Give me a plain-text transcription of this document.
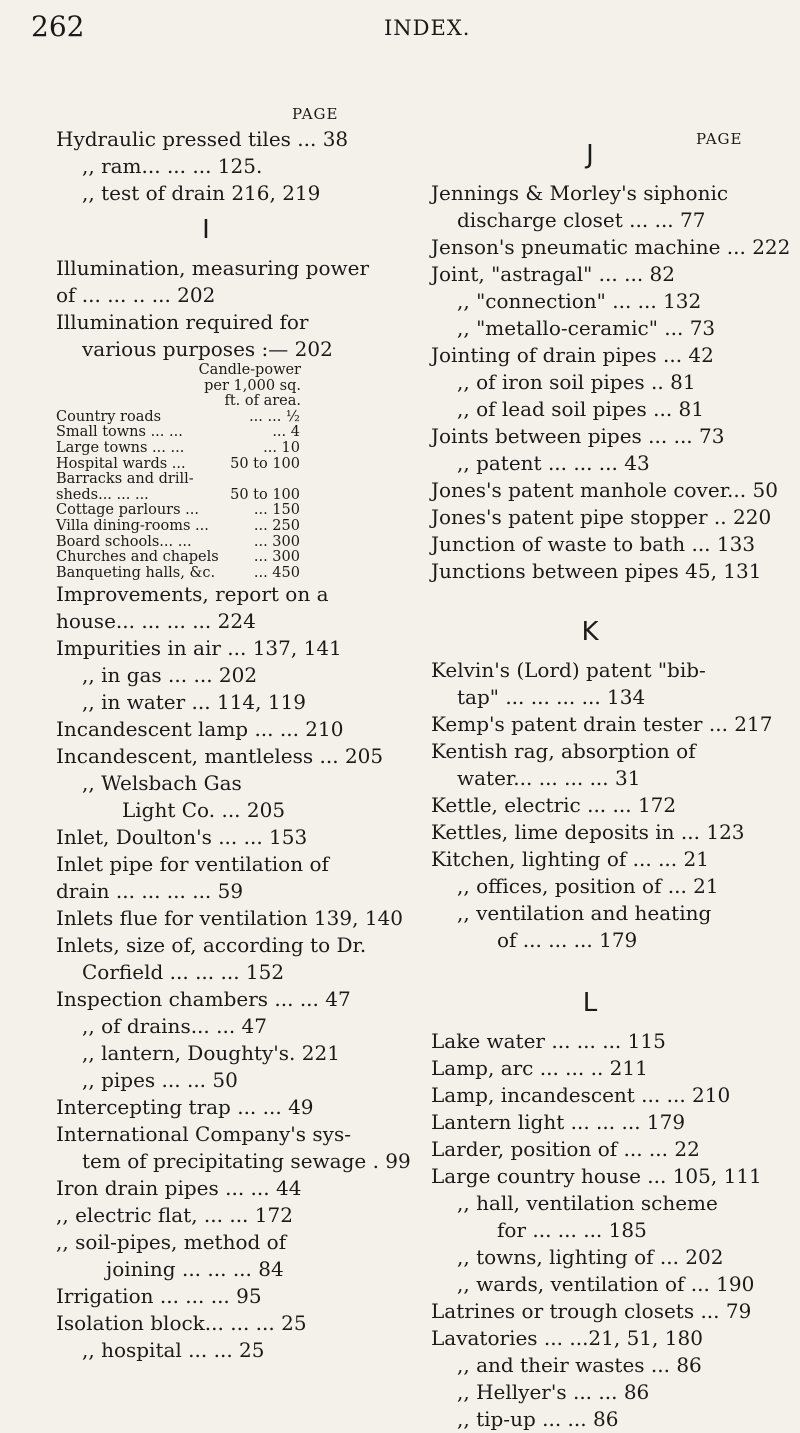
262	INDEX.
PAGE
PAGE
Hydraulic pressed tiles ... 38
,, ram... ... ... 125.
,, test of drain 216, 219
I
Illumination, measuring power
of ... ... .. ... 202
Illumination required for
various purposes :— 202
Candle-power
per 1,000 sq.
ft. of area.
Country roads	... ... ½
Small towns ... ...	... 4
Large towns ... ...	... 10
Hospital wards ...	50 to 100
Barracks and drill-
sheds... ... ...	50 to 100
Cottage parlours ...	... 150
Villa dining-rooms ...	... 250
Board schools... ...	... 300
Churches and chapels ... 300
Banqueting halls, &c.	... 450
Improvements, report on a
house... ... ... ... 224
Impurities in air ... 137, 141
,, in gas ... ... 202
,, in water ... 114, 119
Incandescent lamp ... ... 210
Incandescent, mantleless ... 205
,, Welsbach Gas
Light Co. ... 205
Inlet, Doulton's ... ... 153
Inlet pipe for ventilation of
drain ... ... ... ... 59
Inlets flue for ventilation 139, 140
Inlets, size of, according to Dr.
Corfield ... ... ... 152
Inspection chambers ... ... 47
,, of drains... ... 47
,, lantern, Doughty's. 221
,, pipes ... ... 50
Intercepting trap ... ... 49
International Company's sys-
tem of precipitating sewage . 99
Iron drain pipes ... ... 44
,, electric flat, ... ... 172
,, soil-pipes, method of
joining ... ... ... 84
Irrigation ... ... ... 95
Isolation block... ... ... 25
,, hospital ... ... 25
J
Jennings & Morley's siphonic
discharge closet ... ... 77
Jenson's pneumatic machine ... 222
Joint, "astragal" ... ... 82
,, "connection" ... ... 132
,, "metallo-ceramic" ... 73
Jointing of drain pipes ... 42
,, of iron soil pipes .. 81
,, of lead soil pipes ... 81
Joints between pipes ... ... 73
,, patent ... ... ... 43
Jones's patent manhole cover... 50
Jones's patent pipe stopper .. 220
Junction of waste to bath ... 133
Junctions between pipes 45, 131
K
Kelvin's (Lord) patent "bib-
tap" ... ... ... ... 134
Kemp's patent drain tester ... 217
Kentish rag, absorption of
water... ... ... ... 31
Kettle, electric ... ... 172
Kettles, lime deposits in ... 123
Kitchen, lighting of ... ... 21
,, offices, position of ... 21
,, ventilation and heating
of ... ... ... 179
L
Lake water ... ... ... 115
Lamp, arc ... ... .. 211
Lamp, incandescent ... ... 210
Lantern light ... ... ... 179
Larder, position of ... ... 22
Large country house ... 105, 111
,, hall, ventilation scheme
for ... ... ... 185
,, towns, lighting of ... 202
,, wards, ventilation of ... 190
Latrines or trough closets ... 79
Lavatories ... ...21, 51, 180
,, and their wastes ... 86
,, Hellyer's ... ... 86
,, tip-up ... ... 86
